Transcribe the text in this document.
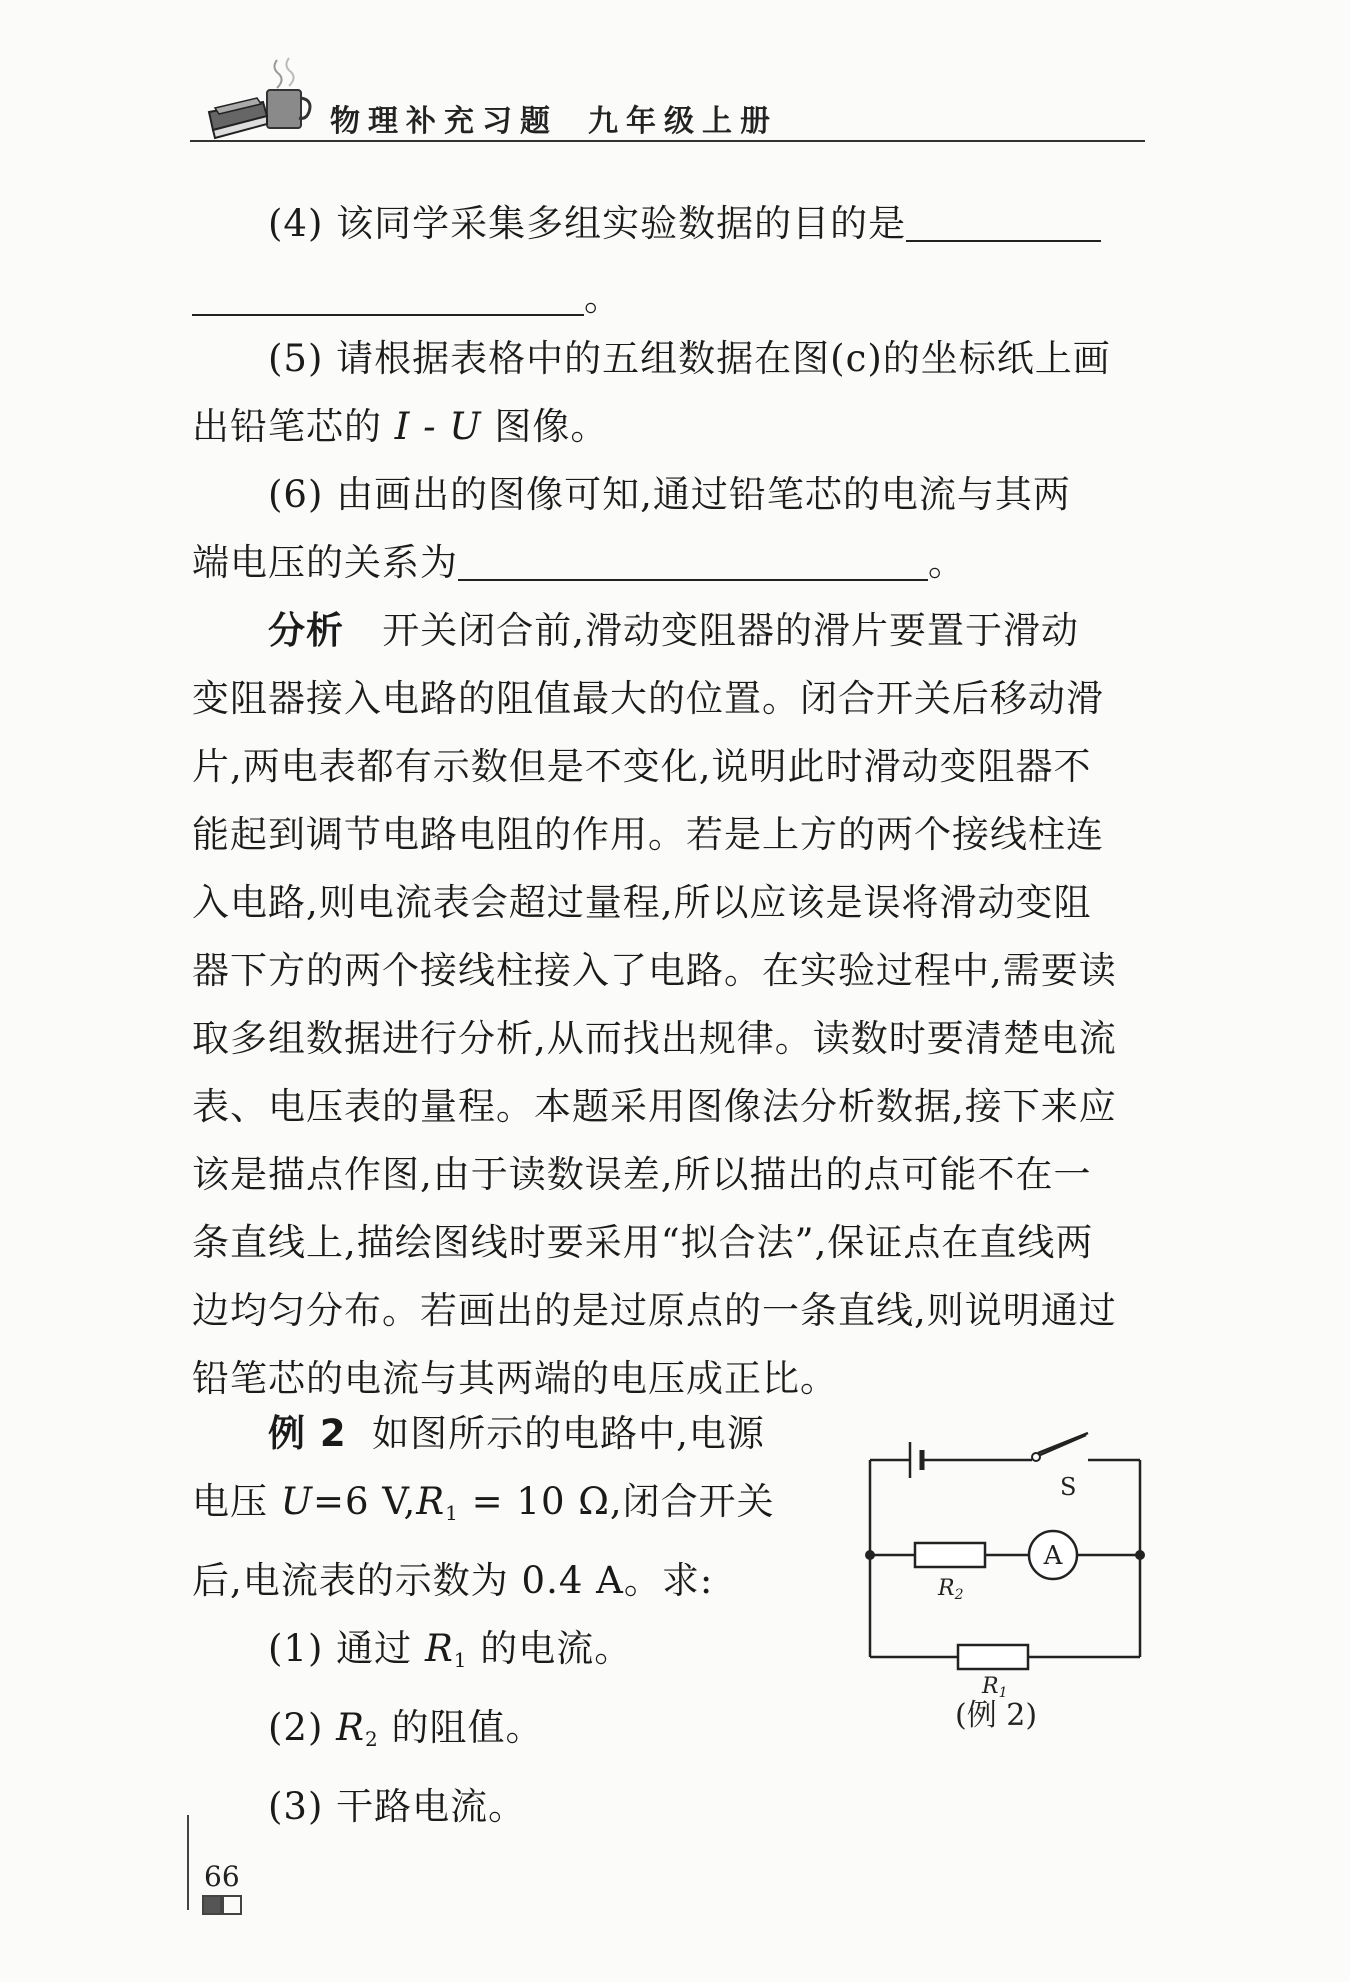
物理补充习题 九年级上册
(4) 该同学采集多组实验数据的目的是
。
(5) 请根据表格中的五组数据在图(c)的坐标纸上画
出铅笔芯的 I - U 图像。
(6) 由画出的图像可知,通过铅笔芯的电流与其两
端电压的关系为	。
分析 开关闭合前,滑动变阻器的滑片要置于滑动
变阻器接入电路的阻值最大的位置。闭合开关后移动滑
片,两电表都有示数但是不变化,说明此时滑动变阻器不
能起到调节电路电阻的作用。若是上方的两个接线柱连
入电路,则电流表会超过量程,所以应该是误将滑动变阻
器下方的两个接线柱接入了电路。在实验过程中,需要读
取多组数据进行分析,从而找出规律。读数时要清楚电流
表、电压表的量程。本题采用图像法分析数据,接下来应
该是描点作图,由于读数误差,所以描出的点可能不在一
条直线上,描绘图线时要采用“拟合法”,保证点在直线两
边均匀分布。若画出的是过原点的一条直线,则说明通过
铅笔芯的电流与其两端的电压成正比。
例 2 如图所示的电路中,电源
电压 U=6 $V,R_1 = 10$ Ω,闭合开关
后,电流表的示数为 0.4 A。求:
(1) 通过 $R_1$ 的电流。
(2) $R_2$ 的阻值。
(3) 干路电流。
S
A
R2
R1
(例 2)
66
